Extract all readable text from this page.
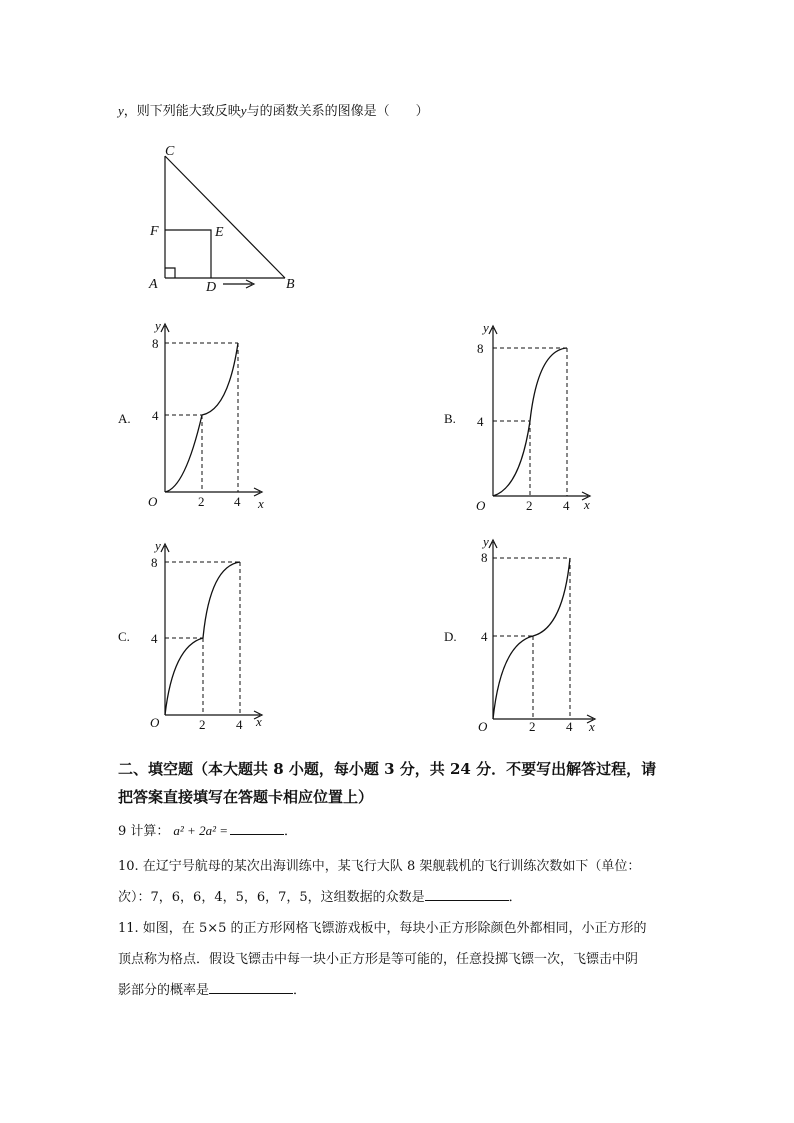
y，则下列能大致反映y与的函数关系的图像是（　　）
C
F	E
A	D	B
A.
y
8
4
O	2 4 x
B.
y
8
4
O	2 4 x
C.
y
8
4
O	2 4 x
D.
y
8
4
O	2 4 x
二、填空题（本大题共 8 小题，每小题 3 分，共 24 分．不要写出解答过程，请
把答案直接填写在答题卡相应位置上）
9 计算： a² + 2a² =	．
10. 在辽宁号航母的某次出海训练中，某飞行大队 8 架舰载机的飞行训练次数如下（单位：
次）：7，6，6，4，5，6，7，5，这组数据的众数是	．
11. 如图，在 5×5 的正方形网格飞镖游戏板中，每块小正方形除颜色外都相同，小正方形的
顶点称为格点．假设飞镖击中每一块小正方形是等可能的，任意投掷飞镖一次，飞镖击中阴
影部分的概率是	．
